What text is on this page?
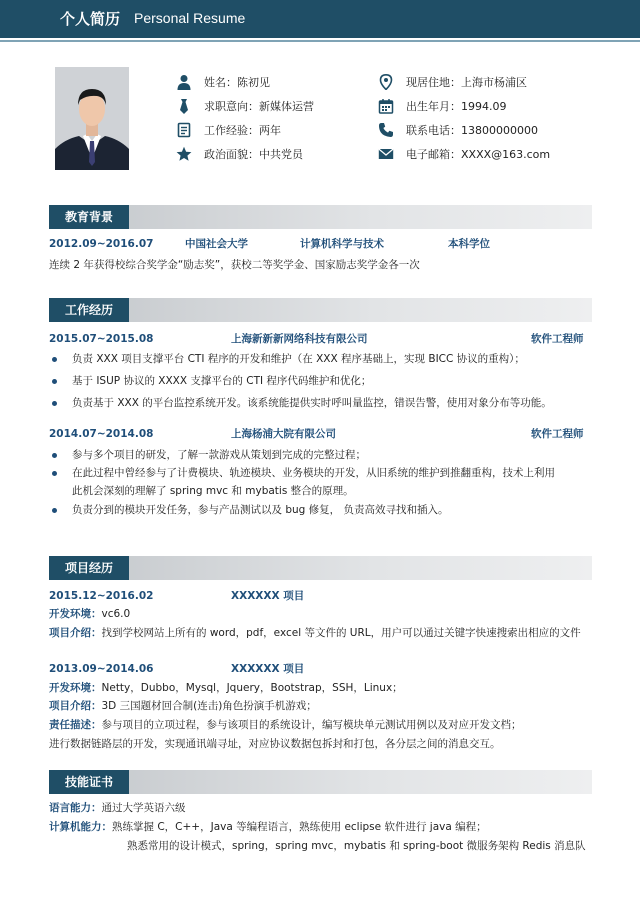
个人简历 Personal Resume
姓名：陈初见
求职意向：新媒体运营
工作经验：两年
政治面貌：中共党员
现居住地：上海市杨浦区
出生年月：1994.09
联系电话：13800000000
电子邮箱：XXXX@163.com
教育背景
2012.09~2016.07	中国社会大学	计算机科学与技术	本科学位
连续 2 年获得校综合奖学金“励志奖”，获校二等奖学金、国家励志奖学金各一次
工作经历
2015.07~2015.08	上海新新新网络科技有限公司	软件工程师
负责 XXX 项目支撑平台 CTI 程序的开发和维护（在 XXX 程序基础上，实现 BICC 协议的重构）；
基于 ISUP 协议的 XXXX 支撑平台的 CTI 程序代码维护和优化；
负责基于 XXX 的平台监控系统开发。该系统能提供实时呼叫量监控，错误告警，使用对象分布等功能。
2014.07~2014.08	上海杨浦大院有限公司	软件工程师
参与多个项目的研发，了解一款游戏从策划到完成的完整过程；
在此过程中曾经参与了计费模块、轨迹模块、业务模块的开发，从旧系统的维护到推翻重构，技术上利用
此机会深刻的理解了 spring mvc 和 mybatis 整合的原理。
负责分到的模块开发任务，参与产品测试以及 bug 修复， 负责高效寻找和插入。
项目经历
2015.12~2016.02	XXXXXX 项目
开发环境：vc6.0
项目介绍：找到学校网站上所有的 word，pdf，excel 等文件的 URL，用户可以通过关键字快速搜索出相应的文件
2013.09~2014.06	XXXXXX 项目
开发环境：Netty，Dubbo，Mysql，Jquery，Bootstrap，SSH，Linux；
项目介绍：3D 三国题材回合制(连击)角色扮演手机游戏；
责任描述：参与项目的立项过程，参与该项目的系统设计，编写模块单元测试用例以及对应开发文档；
进行数据链路层的开发，实现通讯端寻址，对应协议数据包拆封和打包，各分层之间的消息交互。
技能证书
语言能力：通过大学英语六级
计算机能力：熟练掌握 C，C++，Java 等编程语言，熟练使用 eclipse 软件进行 java 编程；
熟悉常用的设计模式，spring，spring mvc，mybatis 和 spring-boot 微服务架构 Redis 消息队
